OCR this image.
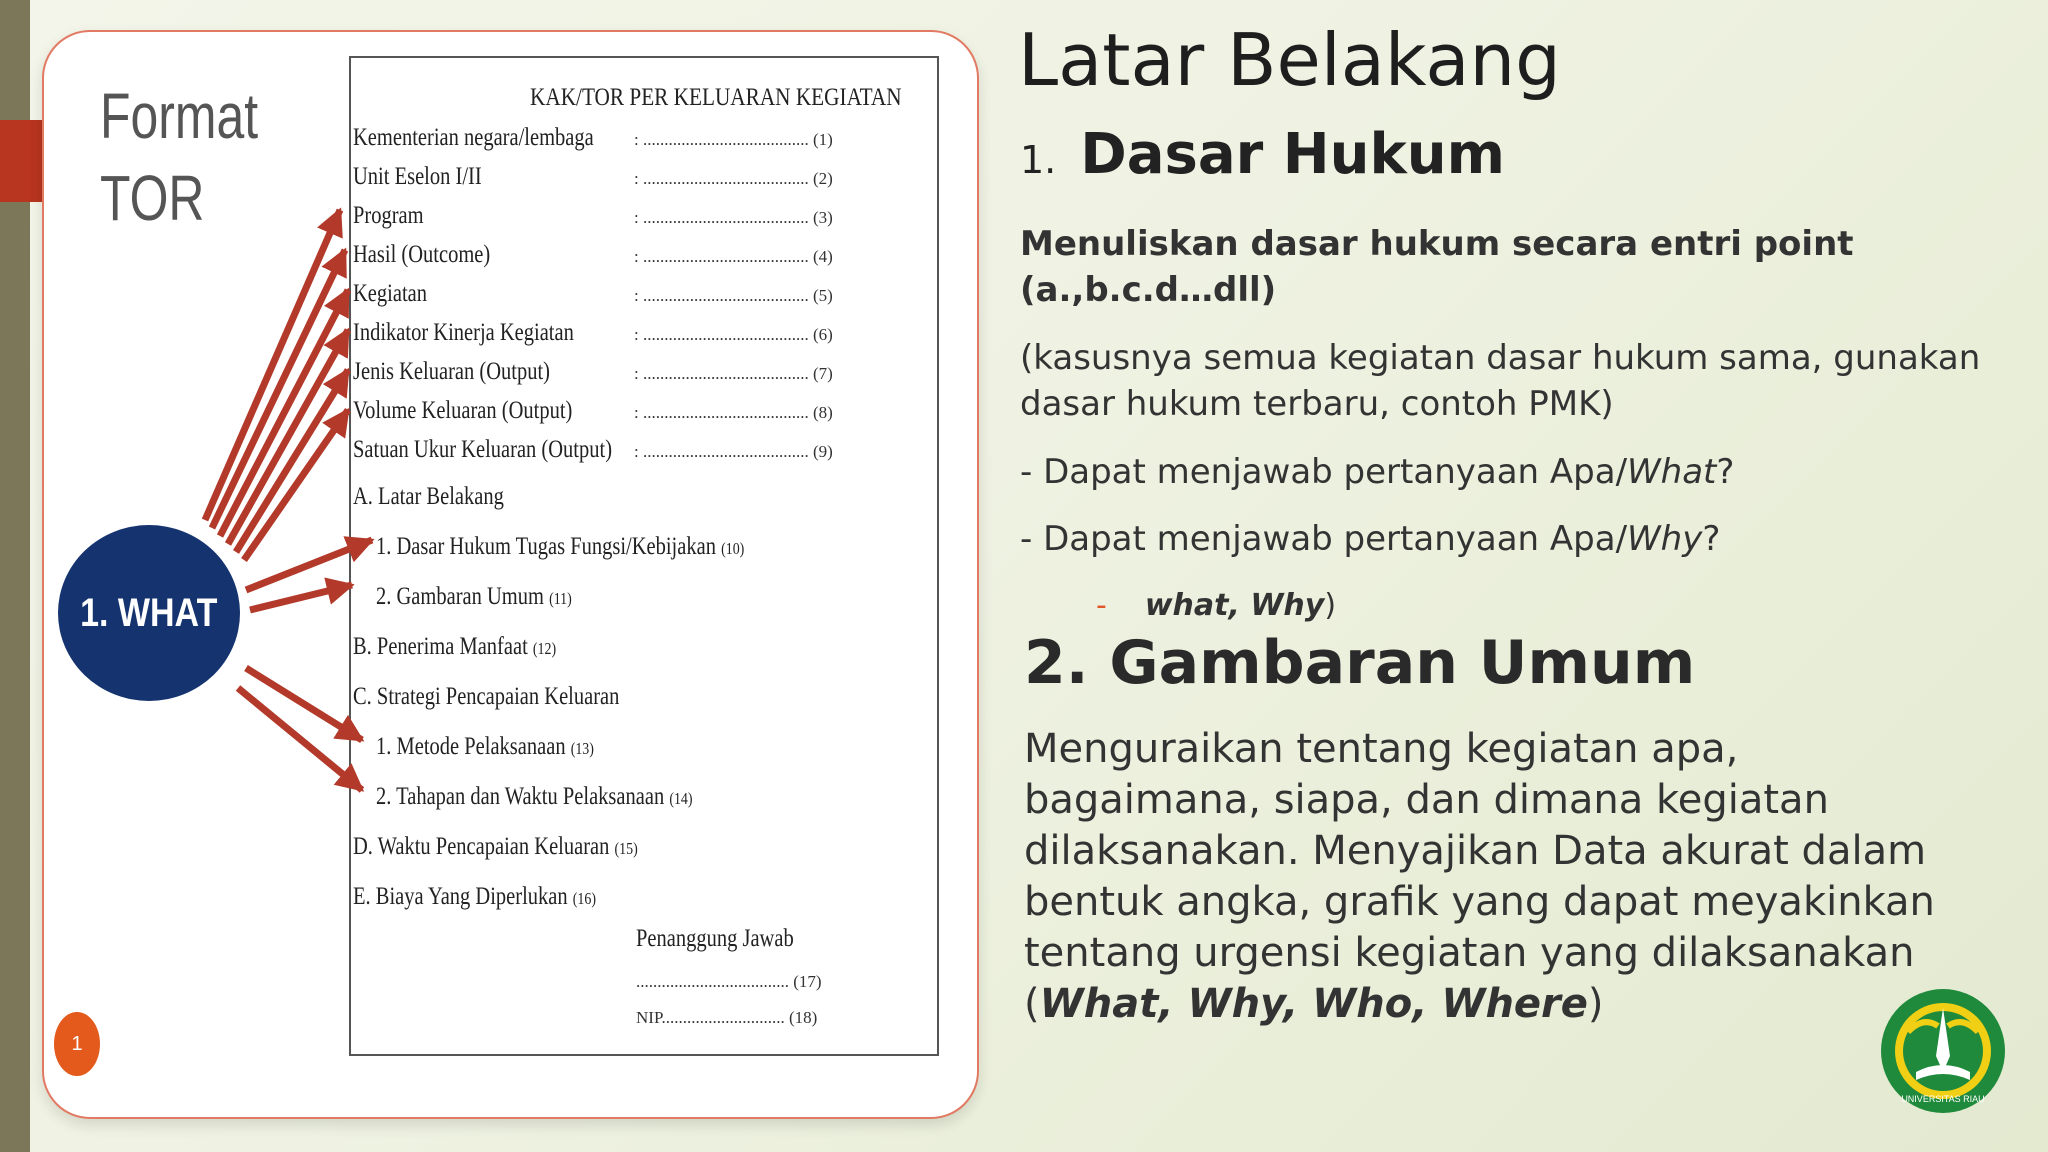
Format
TOR
KAK/TOR PER KELUARAN KEGIATAN
Kementerian negara/lembaga
Unit Eselon I/II
Program
Hasil (Outcome)
Kegiatan
Indikator Kinerja Kegiatan
Jenis Keluaran (Output)
Volume Keluaran (Output)
Satuan Ukur Keluaran (Output)
: ....................................... (1)
: ....................................... (2)
: ....................................... (3)
: ....................................... (4)
: ....................................... (5)
: ....................................... (6)
: ....................................... (7)
: ....................................... (8)
: ....................................... (9)
A. Latar Belakang
1. Dasar Hukum Tugas Fungsi/Kebijakan (10)
2. Gambaran Umum (11)
B. Penerima Manfaat (12)
C. Strategi Pencapaian Keluaran
1. Metode Pelaksanaan (13)
2. Tahapan dan Waktu Pelaksanaan (14)
D. Waktu Pencapaian Keluaran (15)
E. Biaya Yang Diperlukan (16)
Penanggung Jawab
.................................... (17)
NIP............................. (18)
1. WHAT
1
Latar Belakang
1. Dasar Hukum
Menuliskan dasar hukum secara entri point
(a.,b.c.d…dll)
(kasusnya semua kegiatan dasar hukum sama, gunakan
dasar hukum terbaru, contoh PMK)
- Dapat menjawab pertanyaan Apa/What?
- Dapat menjawab pertanyaan Apa/Why?
- what, Why)
2. Gambaran Umum
Menguraikan tentang kegiatan apa,
bagaimana, siapa, dan dimana kegiatan
dilaksanakan. Menyajikan Data akurat dalam
bentuk angka, grafik yang dapat meyakinkan
tentang urgensi kegiatan yang dilaksanakan
(What, Why, Who, Where)
UNIVERSITAS RIAU
